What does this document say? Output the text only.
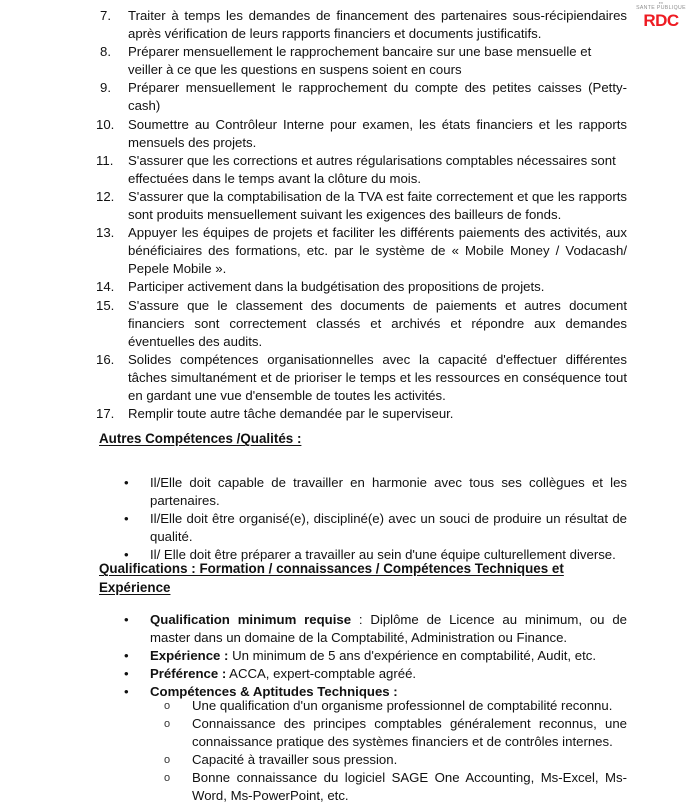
en
SANTE PUBLIQUE
RDC
7.	Traiter à temps les demandes de financement des partenaires sous-récipiendaires après vérification de leurs rapports financiers et documents justificatifs.
8.	Préparer mensuellement le rapprochement bancaire sur une base mensuelle et veiller à ce que les questions en suspens soient en cours
9.	Préparer mensuellement le rapprochement du compte des petites caisses (Petty-cash)
10.	Soumettre au Contrôleur Interne pour examen, les états financiers et les rapports mensuels des projets.
11.	S'assurer que les corrections et autres régularisations comptables nécessaires sont effectuées dans le temps avant la clôture du mois.
12.	S'assurer que la comptabilisation de la TVA est faite correctement et que les rapports sont produits mensuellement suivant les exigences des bailleurs de fonds.
13.	Appuyer les équipes de projets et faciliter les différents paiements des activités, aux bénéficiaires des formations, etc. par le système de « Mobile Money / Vodacash/ Pepele Mobile ».
14.	Participer activement dans la budgétisation des propositions de projets.
15.	S'assure que le classement des documents de paiements et autres document financiers sont correctement classés et archivés et répondre aux demandes éventuelles des audits.
16.	Solides compétences organisationnelles avec la capacité d'effectuer différentes tâches simultanément et de prioriser le temps et les ressources en conséquence tout en gardant une vue d'ensemble de toutes les activités.
17.	Remplir toute autre tâche demandée par le superviseur.
Autres Compétences /Qualités :
• Il/Elle doit capable de travailler en harmonie avec tous ses collègues et les partenaires.
• Il/Elle doit être organisé(e), discipliné(e) avec un souci de produire un résultat de qualité.
• Il/ Elle doit être préparer a travailler au sein d'une équipe culturellement diverse.
Qualifications : Formation / connaissances / Compétences Techniques et
Expérience
• Qualification minimum requise : Diplôme de Licence au minimum, ou de master dans un domaine de la Comptabilité, Administration ou Finance.
• Expérience : Un minimum de 5 ans d'expérience en comptabilité, Audit, etc.
• Préférence : ACCA, expert-comptable agréé.
• Compétences & Aptitudes Techniques :
o Une qualification d'un organisme professionnel de comptabilité reconnu.
o Connaissance des principes comptables généralement reconnus, une connaissance pratique des systèmes financiers et de contrôles internes.
o Capacité à travailler sous pression.
o Bonne connaissance du logiciel SAGE One Accounting, Ms-Excel, Ms-Word, Ms-PowerPoint, etc.
